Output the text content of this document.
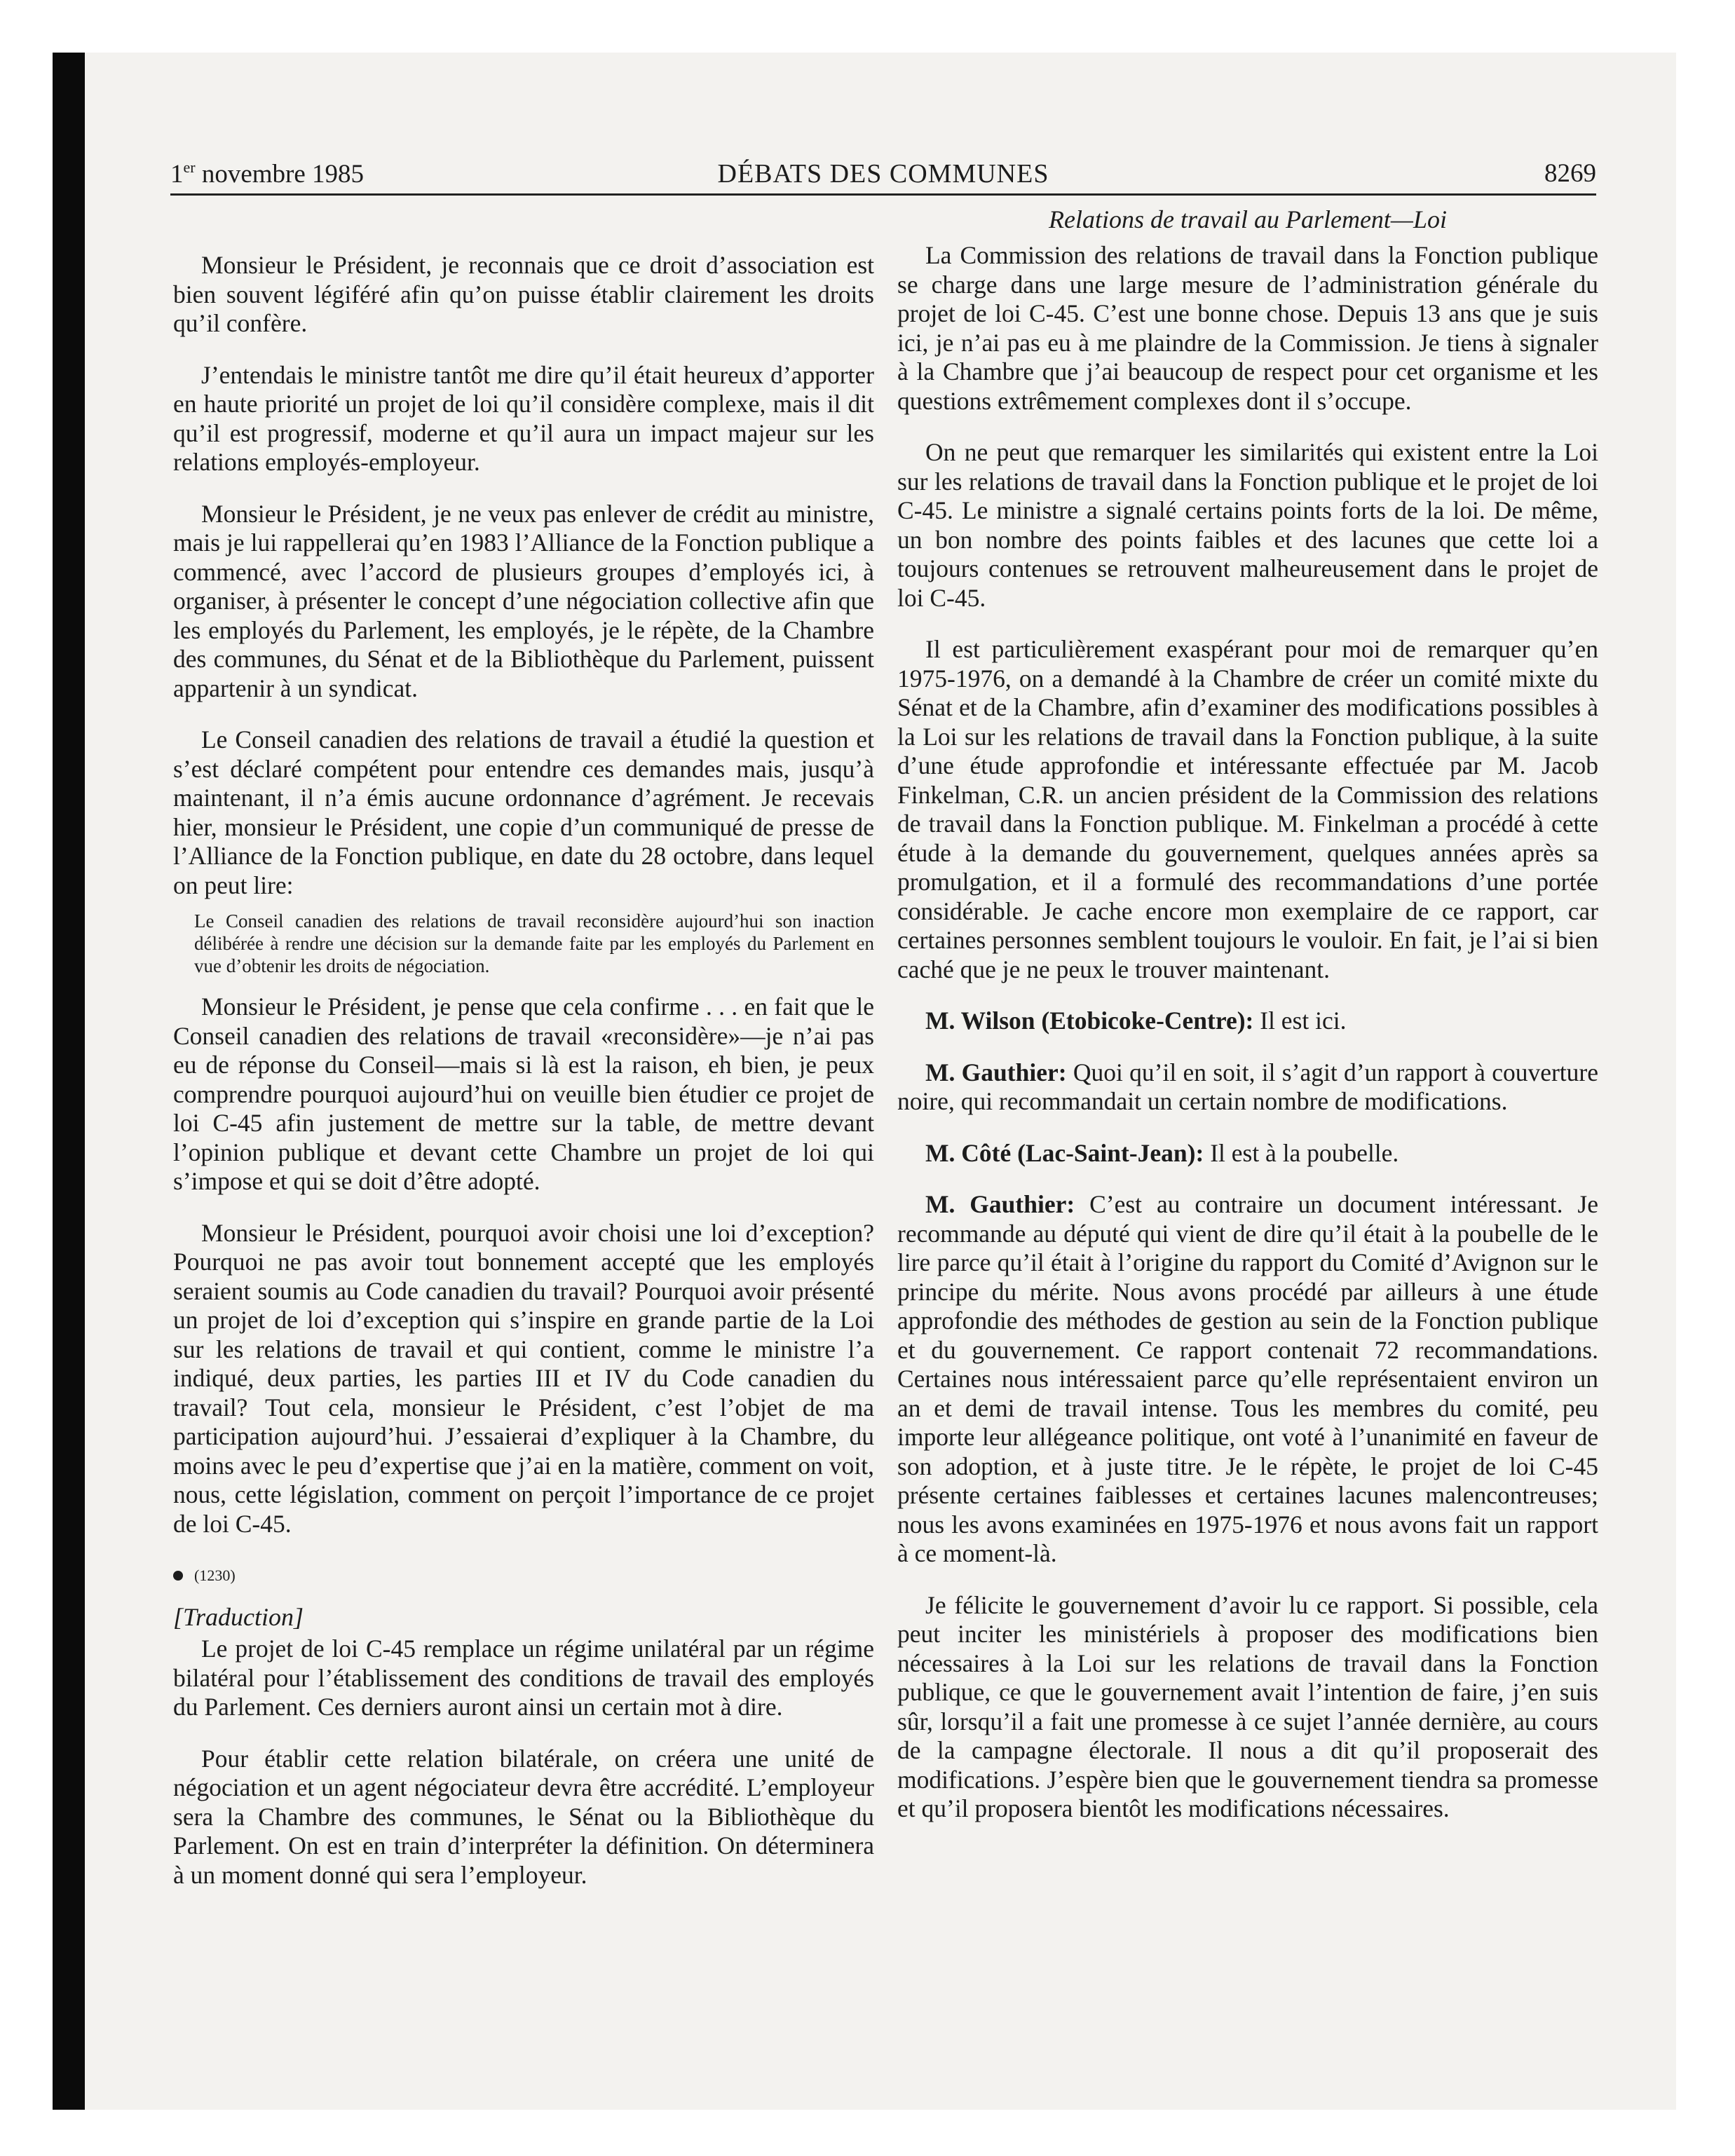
1er novembre 1985	DÉBATS DES COMMUNES	8269

Monsieur le Président, je reconnais que ce droit d’association est bien souvent légiféré afin qu’on puisse établir clairement les droits qu’il confère.

J’entendais le ministre tantôt me dire qu’il était heureux d’apporter en haute priorité un projet de loi qu’il considère complexe, mais il dit qu’il est progressif, moderne et qu’il aura un impact majeur sur les relations employés-employeur.

Monsieur le Président, je ne veux pas enlever de crédit au ministre, mais je lui rappellerai qu’en 1983 l’Alliance de la Fonction publique a commencé, avec l’accord de plusieurs groupes d’employés ici, à organiser, à présenter le concept d’une négociation collective afin que les employés du Parlement, les employés, je le répète, de la Chambre des communes, du Sénat et de la Bibliothèque du Parlement, puissent appartenir à un syndicat.

Le Conseil canadien des relations de travail a étudié la question et s’est déclaré compétent pour entendre ces demandes mais, jusqu’à maintenant, il n’a émis aucune ordonnance d’agrément. Je recevais hier, monsieur le Président, une copie d’un communiqué de presse de l’Alliance de la Fonction publique, en date du 28 octobre, dans lequel on peut lire:

Le Conseil canadien des relations de travail reconsidère aujourd’hui son inaction délibérée à rendre une décision sur la demande faite par les employés du Parlement en vue d’obtenir les droits de négociation.

Monsieur le Président, je pense que cela confirme . . . en fait que le Conseil canadien des relations de travail «reconsidère»—je n’ai pas eu de réponse du Conseil—mais si là est la raison, eh bien, je peux comprendre pourquoi aujourd’hui on veuille bien étudier ce projet de loi C-45 afin justement de mettre sur la table, de mettre devant l’opinion publique et devant cette Chambre un projet de loi qui s’impose et qui se doit d’être adopté.

Monsieur le Président, pourquoi avoir choisi une loi d’exception? Pourquoi ne pas avoir tout bonnement accepté que les employés seraient soumis au Code canadien du travail? Pourquoi avoir présenté un projet de loi d’exception qui s’inspire en grande partie de la Loi sur les relations de travail et qui contient, comme le ministre l’a indiqué, deux parties, les parties III et IV du Code canadien du travail? Tout cela, monsieur le Président, c’est l’objet de ma participation aujourd’hui. J’essaierai d’expliquer à la Chambre, du moins avec le peu d’expertise que j’ai en la matière, comment on voit, nous, cette législation, comment on perçoit l’importance de ce projet de loi C-45.

(1230)
[Traduction]

Le projet de loi C-45 remplace un régime unilatéral par un régime bilatéral pour l’établissement des conditions de travail des employés du Parlement. Ces derniers auront ainsi un certain mot à dire.

Pour établir cette relation bilatérale, on créera une unité de négociation et un agent négociateur devra être accrédité. L’employeur sera la Chambre des communes, le Sénat ou la Bibliothèque du Parlement. On est en train d’interpréter la définition. On déterminera à un moment donné qui sera l’employeur.

Relations de travail au Parlement—Loi

La Commission des relations de travail dans la Fonction publique se charge dans une large mesure de l’administration générale du projet de loi C-45. C’est une bonne chose. Depuis 13 ans que je suis ici, je n’ai pas eu à me plaindre de la Commission. Je tiens à signaler à la Chambre que j’ai beaucoup de respect pour cet organisme et les questions extrêmement complexes dont il s’occupe.

On ne peut que remarquer les similarités qui existent entre la Loi sur les relations de travail dans la Fonction publique et le projet de loi C-45. Le ministre a signalé certains points forts de la loi. De même, un bon nombre des points faibles et des lacunes que cette loi a toujours contenues se retrouvent malheureusement dans le projet de loi C-45.

Il est particulièrement exaspérant pour moi de remarquer qu’en 1975-1976, on a demandé à la Chambre de créer un comité mixte du Sénat et de la Chambre, afin d’examiner des modifications possibles à la Loi sur les relations de travail dans la Fonction publique, à la suite d’une étude approfondie et intéressante effectuée par M. Jacob Finkelman, C.R. un ancien président de la Commission des relations de travail dans la Fonction publique. M. Finkelman a procédé à cette étude à la demande du gouvernement, quelques années après sa promulgation, et il a formulé des recommandations d’une portée considérable. Je cache encore mon exemplaire de ce rapport, car certaines personnes semblent toujours le vouloir. En fait, je l’ai si bien caché que je ne peux le trouver maintenant.

M. Wilson (Etobicoke-Centre): Il est ici.

M. Gauthier: Quoi qu’il en soit, il s’agit d’un rapport à couverture noire, qui recommandait un certain nombre de modifications.

M. Côté (Lac-Saint-Jean): Il est à la poubelle.

M. Gauthier: C’est au contraire un document intéressant. Je recommande au député qui vient de dire qu’il était à la poubelle de le lire parce qu’il était à l’origine du rapport du Comité d’Avignon sur le principe du mérite. Nous avons procédé par ailleurs à une étude approfondie des méthodes de gestion au sein de la Fonction publique et du gouvernement. Ce rapport contenait 72 recommandations. Certaines nous intéressaient parce qu’elle représentaient environ un an et demi de travail intense. Tous les membres du comité, peu importe leur allégeance politique, ont voté à l’unanimité en faveur de son adoption, et à juste titre. Je le répète, le projet de loi C-45 présente certaines faiblesses et certaines lacunes malencontreuses; nous les avons examinées en 1975-1976 et nous avons fait un rapport à ce moment-là.

Je félicite le gouvernement d’avoir lu ce rapport. Si possible, cela peut inciter les ministériels à proposer des modifications bien nécessaires à la Loi sur les relations de travail dans la Fonction publique, ce que le gouvernement avait l’intention de faire, j’en suis sûr, lorsqu’il a fait une promesse à ce sujet l’année dernière, au cours de la campagne électorale. Il nous a dit qu’il proposerait des modifications. J’espère bien que le gouvernement tiendra sa promesse et qu’il proposera bientôt les modifications nécessaires.
